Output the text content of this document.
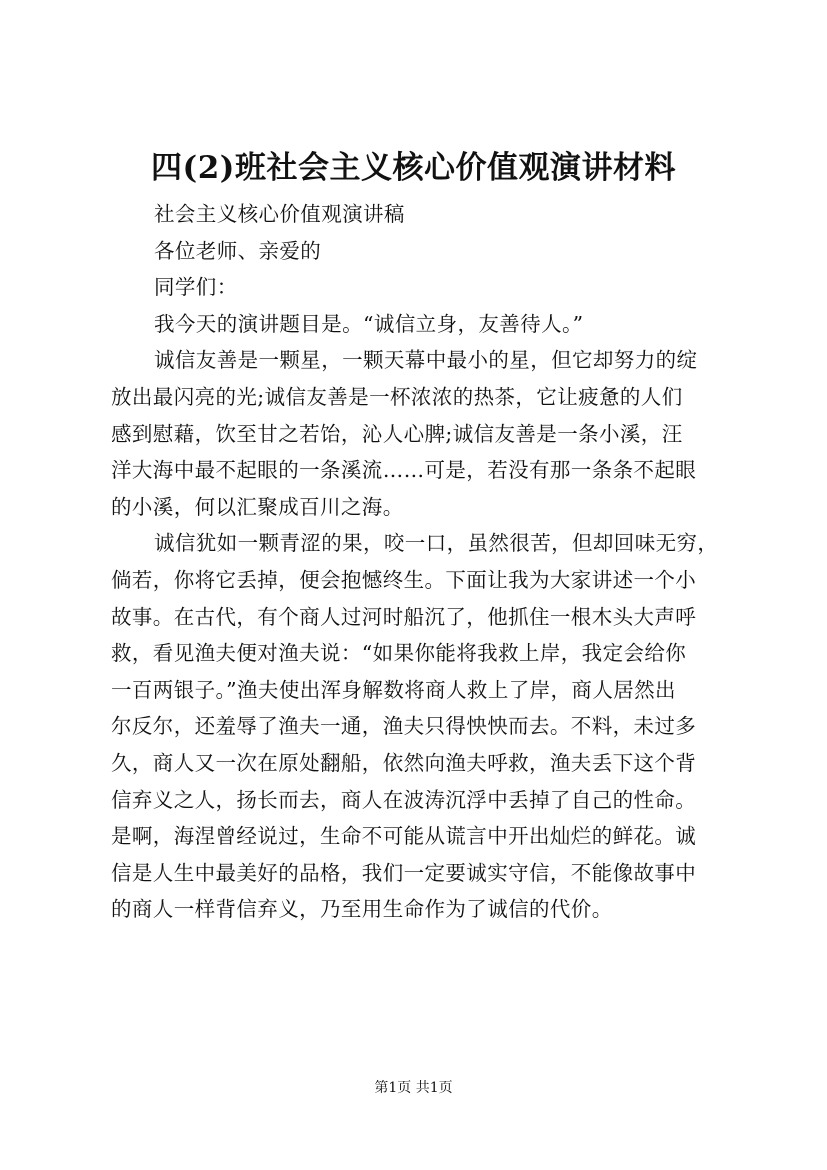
四(2)班社会主义核心价值观演讲材料
社会主义核心价值观演讲稿
各位老师、亲爱的
同学们：
我今天的演讲题目是。“诚信立身，友善待人。”
诚信友善是一颗星，一颗天幕中最小的星，但它却努力的绽
放出最闪亮的光;诚信友善是一杯浓浓的热茶，它让疲惫的人们
感到慰藉，饮至甘之若饴，沁人心脾;诚信友善是一条小溪，汪
洋大海中最不起眼的一条溪流……可是，若没有那一条条不起眼
的小溪，何以汇聚成百川之海。
诚信犹如一颗青涩的果，咬一口，虽然很苦，但却回味无穷，
倘若，你将它丢掉，便会抱憾终生。下面让我为大家讲述一个小
故事。在古代，有个商人过河时船沉了，他抓住一根木头大声呼
救，看见渔夫便对渔夫说：“如果你能将我救上岸，我定会给你
一百两银子。”渔夫使出浑身解数将商人救上了岸，商人居然出
尔反尔，还羞辱了渔夫一通，渔夫只得怏怏而去。不料，未过多
久，商人又一次在原处翻船，依然向渔夫呼救，渔夫丢下这个背
信弃义之人，扬长而去，商人在波涛沉浮中丢掉了自己的性命。
是啊，海涅曾经说过，生命不可能从谎言中开出灿烂的鲜花。诚
信是人生中最美好的品格，我们一定要诚实守信，不能像故事中
的商人一样背信弃义，乃至用生命作为了诚信的代价。
第1页 共1页
